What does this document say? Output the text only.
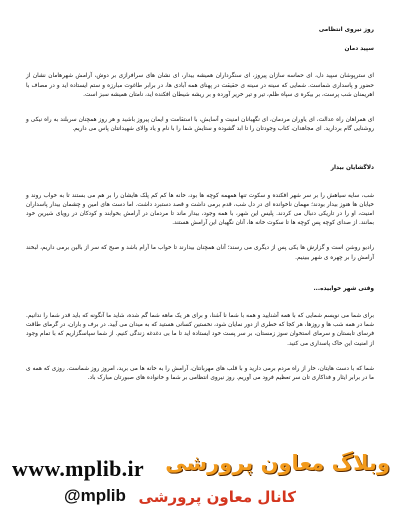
روز نیروی انتظامی
سپید دمان

ای سترپوشان سپید دل، ای حماسه سازان پیروز، ای سنگرداران همیشه بیدار، ای نشان های سرافرازی بر دوش، آرامش شهرهامان نشان از حضور و پاسداری شماست. شمایی که سینه در سینه ی حقیقت در پهنای همه آبادی ها، در برابر طاغوت مبارزه و ستم ایستاده اید و در مصاف با اهریمنان شب پرست، بر بیکره ی سپاه ظلم، تیر و تیر خریر آورده و بر ریشه شیطان افکنده اید، نامتان همیشه سبز است.

ای همراهان راه عدالت، ای یاوران مردمان، ای نگهبانان امنیت و آسایش، با استقامت و ایمان پیروز باشید و هر روز همچنان سربلند به راه نیکی و روشنایی گام بردارید. ای مجاهدان، کتاب وجودتان را تا ابد گشوده و ستایش شما را با نام و یاد والای شهیدانتان پاس می داریم.

دلاگشایان بیدار

شب، سایه سیاهش را بر سر شهر افکنده و سکوت تنها همهمه کوچه ها بود، خانه ها کم کم پلک هایشان را بر هم می بستند تا به خواب روند و خیابان ها هنوز بیدار بودند؛ مهمان ناخوانده ای در دل شب، قدم برمی داشت و قصد دستبرد داشت. اما دست های امین و چشمان بیدار پاسداران امنیت، او را در تاریکی دنبال می کردند. پلیس این شهر، با همه وجود، بیدار ماند تا مردمان در آرامش بخوابند و کودکان در رویای شیرین خود بمانند. از صدای کوچه پس کوچه ها تا سکوت خانه ها، آنان نگهبان این آرامش هستند.

رادیو روشن است و گزارش ها یکی پس از دیگری می رسند؛ آنان همچنان بیدارند تا خواب ما آرام باشد و صبح که سر از بالین برمی داریم، لبخند آرامش را بر چهره ی شهر ببینیم.

وقتی شهر خوابیده...

برای شما می نویسم شمایی که با همه آشنایید و همه با شما نا آشنا، و برای هر یک ماهه شما گم شده، شاید ما آنگونه که باید قدر شما را ندانیم. شما در همه شب ها و روزها، هر کجا که خطری از دور نمایان شود، نخستین کسانی هستید که به میدان می آیید. در برف و باران، در گرمای طاقت فرسای تابستان و سرمای استخوان سوز زمستان، بر سر پست خود ایستاده اید تا ما بی دغدغه زندگی کنیم. از شما سپاسگزاریم که با تمام وجود از امنیت این خاک پاسداری می کنید.

شما که با دست هایتان، خار از راه مردم برمی دارید و با قلب های مهربانتان، آرامش را به خانه ها می برید، امروز روز شماست. روزی که همه ی ما در برابر ایثار و فداکاری تان سر تعظیم فرود می آوریم. روز نیروی انتظامی بر شما و خانواده های صبورتان مبارک باد.

www.mplib.ir وبلاگ معاون پرورشی
@mplib کانال معاون پرورشی
